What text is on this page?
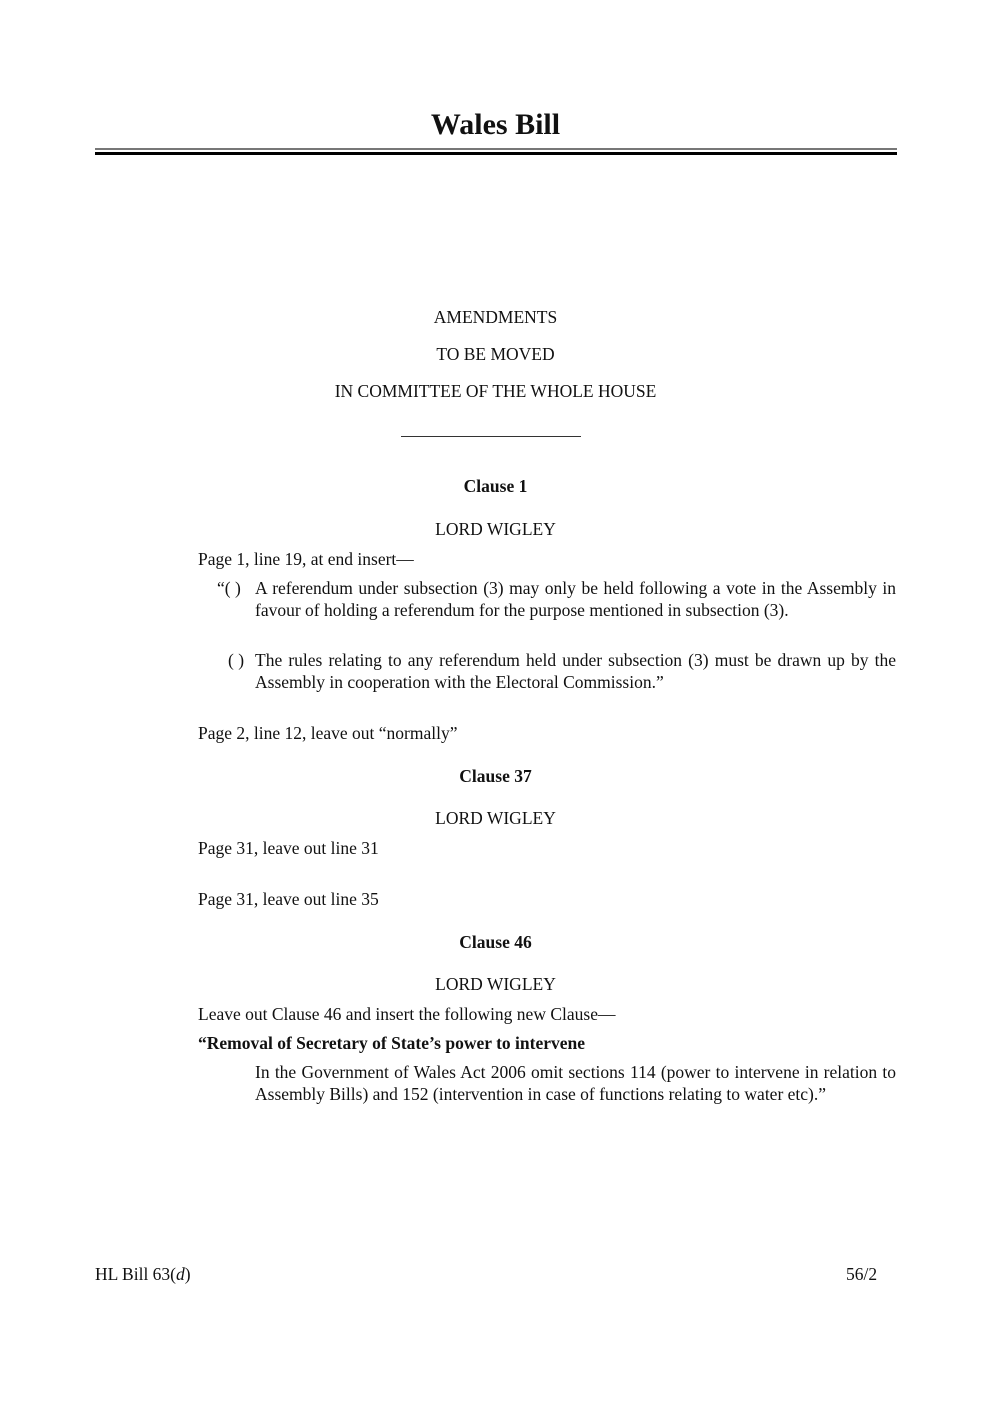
Wales Bill
AMENDMENTS
TO BE MOVED
IN COMMITTEE OF THE WHOLE HOUSE
Clause 1
LORD WIGLEY
Page 1, line 19, at end insert—
“( ) A referendum under subsection (3) may only be held following a vote in the Assembly in favour of holding a referendum for the purpose mentioned in subsection (3).
( ) The rules relating to any referendum held under subsection (3) must be drawn up by the Assembly in cooperation with the Electoral Commission.”
Page 2, line 12, leave out “normally”
Clause 37
LORD WIGLEY
Page 31, leave out line 31
Page 31, leave out line 35
Clause 46
LORD WIGLEY
Leave out Clause 46 and insert the following new Clause—
“Removal of Secretary of State’s power to intervene
In the Government of Wales Act 2006 omit sections 114 (power to intervene in relation to Assembly Bills) and 152 (intervention in case of functions relating to water etc).”
HL Bill 63(d)	56/2
